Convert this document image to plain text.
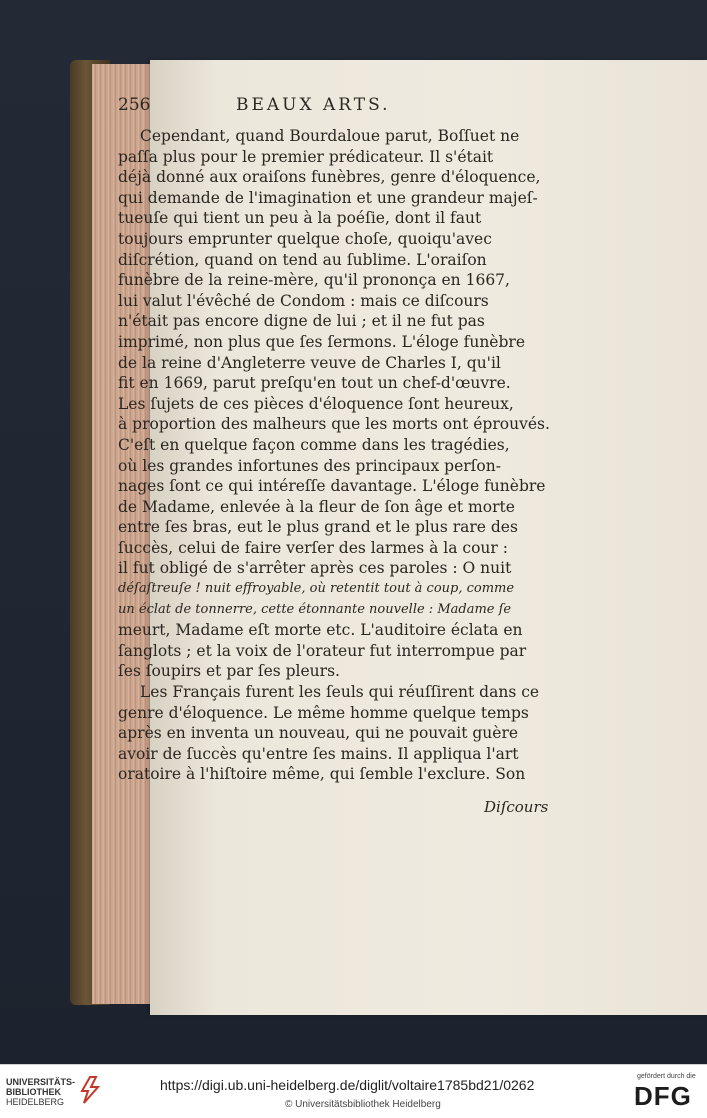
256	BEAUX ARTS.
Cependant, quand Bourdaloue parut, Boſſuet ne
paſſa plus pour le premier prédicateur. Il s'était
déjà donné aux oraiſons funèbres, genre d'éloquence,
qui demande de l'imagination et une grandeur majeſ-
tueuſe qui tient un peu à la poéſie, dont il faut
toujours emprunter quelque choſe, quoiqu'avec
diſcrétion, quand on tend au ſublime. L'oraiſon
funèbre de la reine-mère, qu'il prononça en 1667,
lui valut l'évêché de Condom : mais ce diſcours
n'était pas encore digne de lui ; et il ne fut pas
imprimé, non plus que ſes ſermons. L'éloge funèbre
de la reine d'Angleterre veuve de Charles I, qu'il
fit en 1669, parut preſqu'en tout un chef-d'œuvre.
Les ſujets de ces pièces d'éloquence ſont heureux,
à proportion des malheurs que les morts ont éprouvés.
C'eſt en quelque façon comme dans les tragédies,
où les grandes infortunes des principaux perſon-
nages ſont ce qui intéreſſe davantage. L'éloge funèbre
de Madame, enlevée à la fleur de ſon âge et morte
entre ſes bras, eut le plus grand et le plus rare des
ſuccès, celui de faire verſer des larmes à la cour :
il fut obligé de s'arrêter après ces paroles : O nuit
déſaſtreuſe ! nuit effroyable, où retentit tout à coup, comme
un éclat de tonnerre, cette étonnante nouvelle : Madame ſe
meurt, Madame eſt morte etc. L'auditoire éclata en
ſanglots ; et la voix de l'orateur fut interrompue par
ſes ſoupirs et par ſes pleurs.
Les Français furent les ſeuls qui réuſſirent dans ce
genre d'éloquence. Le même homme quelque temps
après en inventa un nouveau, qui ne pouvait guère
avoir de ſuccès qu'entre ſes mains. Il appliqua l'art
oratoire à l'hiſtoire même, qui ſemble l'exclure. Son
Diſcours
UNIVERSITÄTS-
BIBLIOTHEK
HEIDELBERG
https://digi.ub.uni-heidelberg.de/diglit/voltaire1785bd21/0262
© Universitätsbibliothek Heidelberg
gefördert durch die
DFG
